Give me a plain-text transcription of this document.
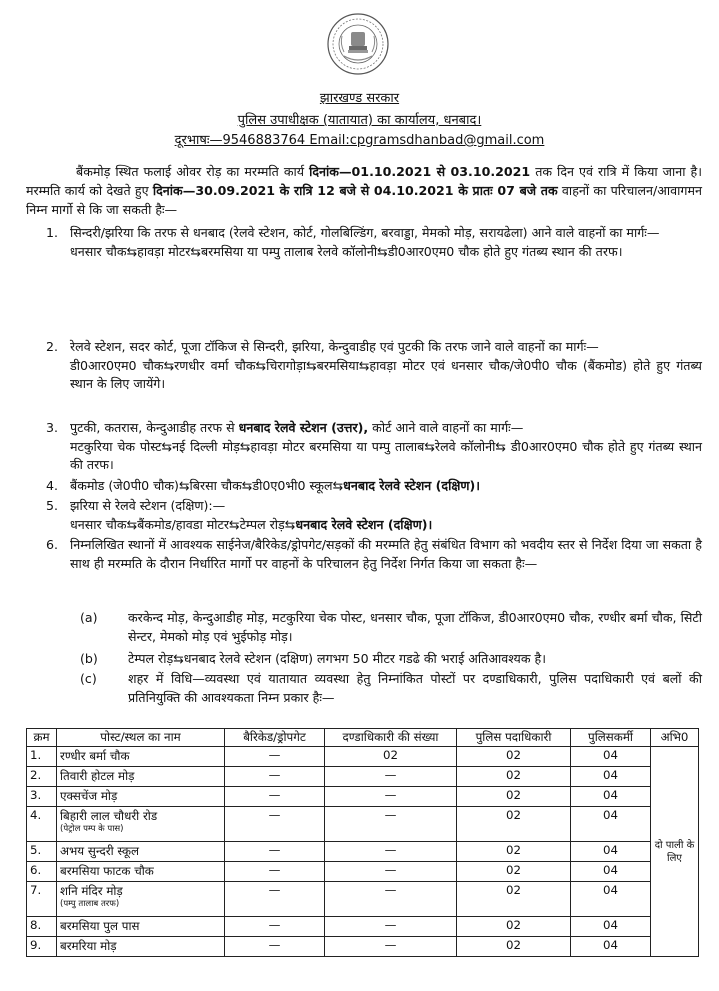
झारखण्ड सरकार
पुलिस उपाधीक्षक (यातायात) का कार्यालय, धनबाद।
दूरभाषः—9546883764 Email:cpgramsdhanbad@gmail.com
बैंकमोड़ स्थित फलाई ओवर रोड़ का मरम्मति कार्य दिनांक—01.10.2021 से 03.10.2021 तक दिन एवं रात्रि में किया जाना है। मरम्मति कार्य को देखते हुए दिनांक—30.09.2021 के रात्रि 12 बजे से 04.10.2021 के प्रातः 07 बजे तक वाहनों का परिचालन/आवागमन निम्न मार्गो से कि जा सकती हैः—
1. सिन्दरी/झरिया कि तरफ से धनबाद (रेलवे स्टेशन, कोर्ट, गोलबिल्डिंग, बरवाड्डा, मेमको मोड़, सरायढेला) आने वाले वाहनों का मार्गः—
धनसार चौक⇆हावड़ा मोटर⇆बरमसिया या पम्पु तालाब रेलवे कॉलोनी⇆डी0आर0एम0 चौक होते हुए गंतब्य स्थान की तरफ।
2. रेलवे स्टेशन, सदर कोर्ट, पूजा टॉकिज से सिन्दरी, झरिया, केन्दुवाडीह एवं पुटकी कि तरफ जाने वाले वाहनों का मार्गः—
डी0आर0एम0 चौक⇆रणधीर वर्मा चौक⇆चिरागोड़ा⇆बरमसिया⇆हावड़ा मोटर एवं धनसार चौक/जे0पी0 चौक (बैंकमोड) होते हुए गंतब्य स्थान के लिए जायेंगे।
3. पुटकी, कतरास, केन्दुआडीह तरफ से धनबाद रेलवे स्टेशन (उत्तर), कोर्ट आने वाले वाहनों का मार्गः—
मटकुरिया चेक पोस्ट⇆नई दिल्ली मोड़⇆हावड़ा मोटर बरमसिया या पम्पु तालाब⇆रेलवे कॉलोनी⇆ डी0आर0एम0 चौक होते हुए गंतब्य स्थान की तरफ।
4. बैंकमोड (जे0पी0 चौक)⇆बिरसा चौक⇆डी0ए0भी0 स्कूल⇆धनबाद रेलवे स्टेशन (दक्षिण)।
5. झरिया से रेलवे स्टेशन (दक्षिण):—
धनसार चौक⇆बैंकमोड/हावडा मोटर⇆टेम्पल रोड़⇆धनबाद रेलवे स्टेशन (दक्षिण)।
6. निम्नलिखित स्थानों में आवश्यक साईनेज/बैरिकेड/ड्रोपगेट/सड़कों की मरम्मति हेतु संबंधित विभाग को भवदीय स्तर से निर्देश दिया जा सकता है साथ ही मरम्मति के दौरान निर्धारित मार्गो पर वाहनों के परिचालन हेतु निर्देश निर्गत किया जा सकता हैः—
(a) करकेन्द मोड़, केन्दुआडीह मोड़, मटकुरिया चेक पोस्ट, धनसार चौक, पूजा टॉकिज, डी0आर0एम0 चौक, रण्धीर बर्मा चौक, सिटी सेन्टर, मेमको मोड़ एवं भुईफोड़ मोड़।
(b) टेम्पल रोड़⇆धनबाद रेलवे स्टेशन (दक्षिण) लगभग 50 मीटर गडढे की भराई अतिआवश्यक है।
(c) शहर में विधि—व्यवस्था एवं यातायात व्यवस्था हेतु निम्नांकित पोस्टों पर दण्डाधिकारी, पुलिस पदाधिकारी एवं बलों की प्रतिनियुक्ति की आवश्यकता निम्न प्रकार हैः—
क्रम	पोस्ट/स्थल का नाम	बैरिकेड/ड्रोपगेट	दण्डाधिकारी की संख्या	पुलिस पदाधिकारी	पुलिसकर्मी	अभि0
1.	रण्धीर बर्मा चौक	—	02	02	04	दो पाली के लिए
2.	तिवारी होटल मोड़	—	—	02	04	
3.	एक्सचेंज मोड़	—	—	02	04	
4.	बिहारी लाल चौधरी रोड
(पेट्रोल पम्प के पास)	—	—	02	04	
5.	अभय सुन्दरी स्कूल	—	—	02	04	
6.	बरमसिया फाटक चौक	—	—	02	04	
7.	शनि मंदिर मोड़
(पम्पु तालाब तरफ)	—	—	02	04	
8.	बरमसिया पुल पास	—	—	02	04	
9.	बरमरिया मोड़	—	—	02	04	
